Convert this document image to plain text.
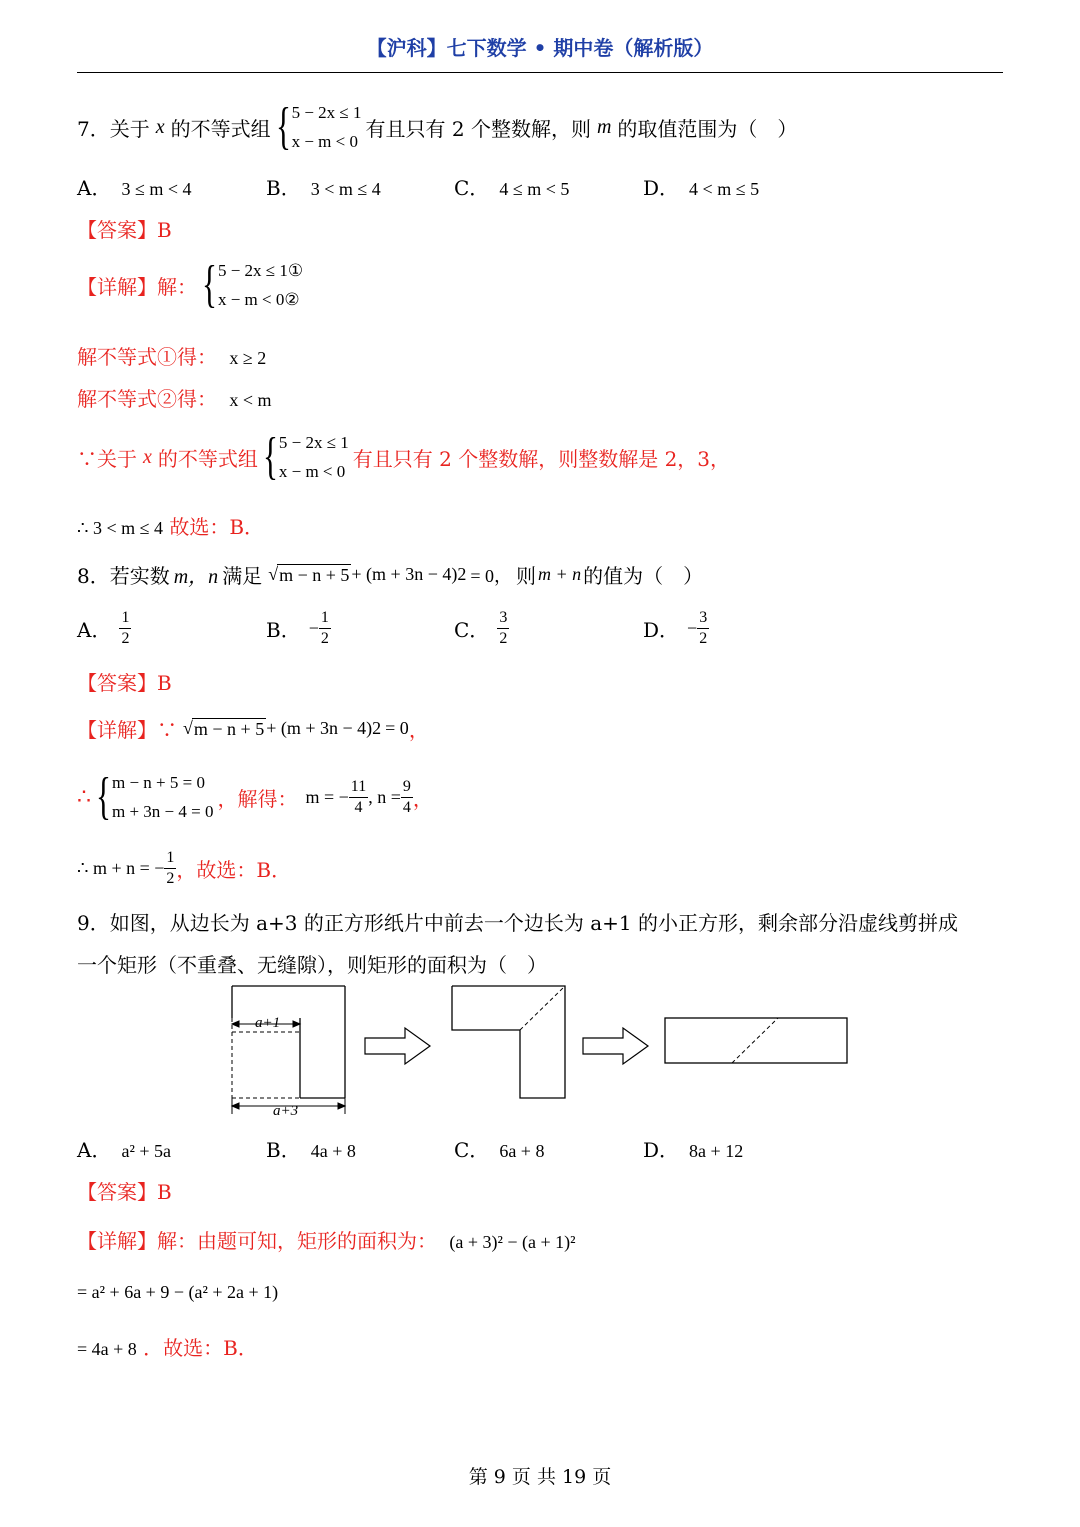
【沪科】七下数学 • 期中卷（解析版）
7．关于 x 的不等式组 { 5 − 2x ≤ 1
x − m < 0
有且只有 2 个整数解，则 m 的取值范围为（　）
A． 3 ≤ m < 4	B． 3 < m ≤ 4	C． 4 ≤ m < 5	D． 4 < m ≤ 5
【答案】B
【详解】解： { 5 − 2x ≤ 1①
x − m < 0②
解不等式①得： x ≥ 2
解不等式②得： x < m
∵关于 x 的不等式组 { 5 − 2x ≤ 1
x − m < 0
有且只有 2 个整数解，则整数解是 2，3，
∴ 3 < m ≤ 4 故选：B．
8．若实数 m，n 满足 √ m − n + 5 + (m + 3n − 4) 2 = 0， 则 m + n 的值为（　）
A． $\frac{1}{2}$	B． − $\frac{1}{2}$	C． $\frac{3}{2}$	D． − $\frac{3}{2}$
【答案】B
【详解】∵ √ m − n + 5 + (m + 3n − 4) 2 = 0 ，
∴ { m − n + 5 = 0
m + 3n − 4 = 0
，解得： m = − $\frac{11}{4}$ , $n = \frac{9}{4}$ ，
∴ m + n = − $\frac{1}{2}$ ，故选：B．
9．如图，从边长为 a+3 的正方形纸片中前去一个边长为 a+1 的小正方形，剩余部分沿虚线剪拼成
一个矩形（不重叠、无缝隙），则矩形的面积为（　）
a+1
a+3
A． a² + 5a	B． 4a + 8	C． 6a + 8	D． 8a + 12
【答案】B
【详解】解：由题可知，矩形的面积为： (a + 3)² − (a + 1)²
= a² + 6a + 9 − (a² + 2a + 1)
= 4a + 8 ．故选：B．
第 9 页 共 19 页
